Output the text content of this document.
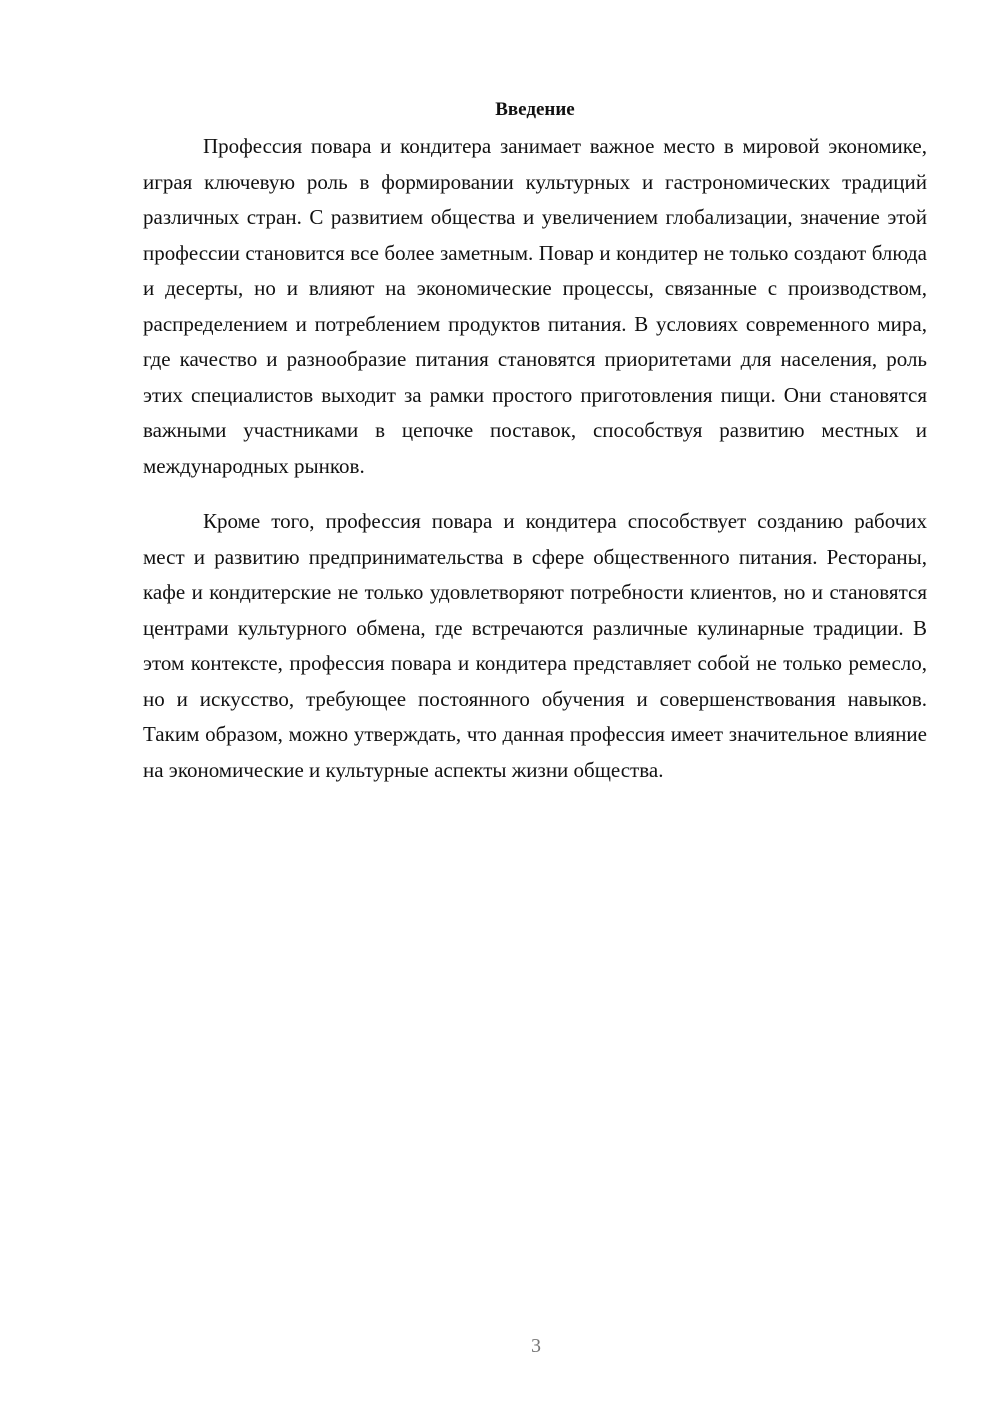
Введение

Профессия повара и кондитера занимает важное место в мировой экономике, играя ключевую роль в формировании культурных и гастрономических традиций различных стран. С развитием общества и увеличением глобализации, значение этой профессии становится все более заметным. Повар и кондитер не только создают блюда и десерты, но и влияют на экономические процессы, связанные с производством, распределением и потреблением продуктов питания. В условиях современного мира, где качество и разнообразие питания становятся приоритетами для населения, роль этих специалистов выходит за рамки простого приготовления пищи. Они становятся важными участниками в цепочке поставок, способствуя развитию местных и международных рынков.

Кроме того, профессия повара и кондитера способствует созданию рабочих мест и развитию предпринимательства в сфере общественного питания. Рестораны, кафе и кондитерские не только удовлетворяют потребности клиентов, но и становятся центрами культурного обмена, где встречаются различные кулинарные традиции. В этом контексте, профессия повара и кондитера представляет собой не только ремесло, но и искусство, требующее постоянного обучения и совершенствования навыков. Таким образом, можно утверждать, что данная профессия имеет значительное влияние на экономические и культурные аспекты жизни общества.

3
